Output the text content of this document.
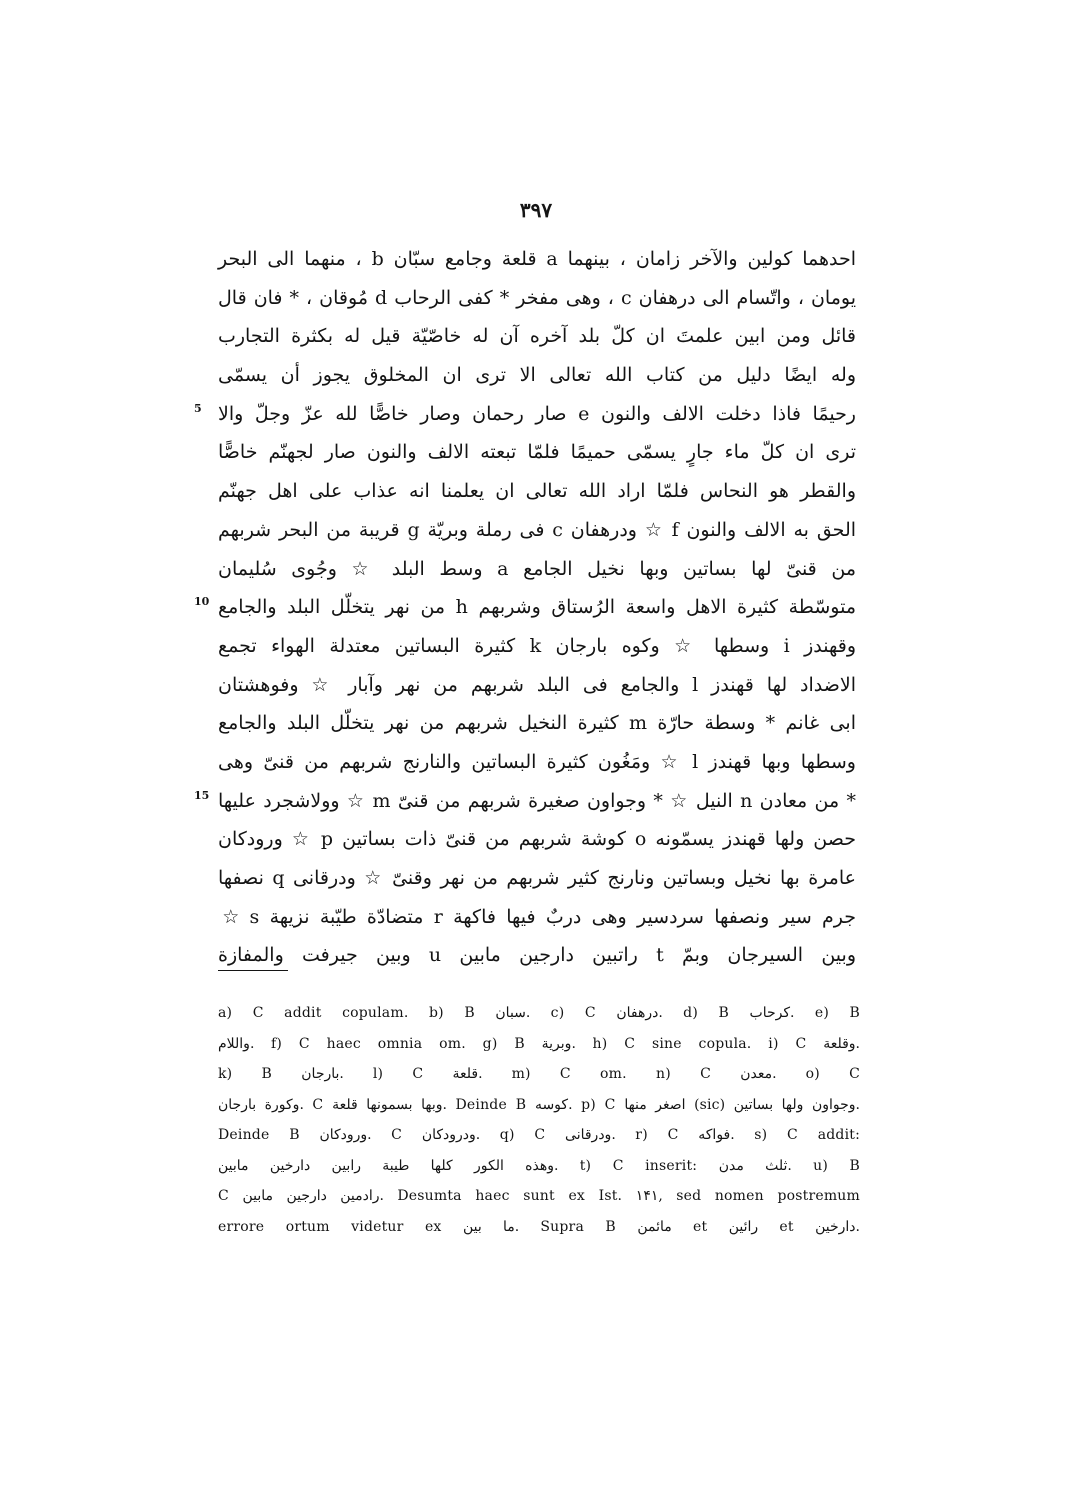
٣٩٧
احدهما كولين والآخر زامان ، بينهما a قلعة وجامع سبّان b ، منهما الى البحر
يومان ، واتّسام الى درهفان c ، وهى مفخر * كفى الرحاب d مُوقان ، * فان قال
قائل ومن ابين علمتَ ان كلّ بلد آخره آن له خاصّيّة قيل له بكثرة التجارب
وله ايضًا دليل من كتاب الله تعالى الا ترى ان المخلوق يجوز أن يسمّى
رحيمًا فاذا دخلت الالف والنون e صار رحمان وصار خاصًّا لله عزّ وجلّ والا
5
ترى ان كلّ ماء جارٍ يسمّى حميمًا فلمّا تبعته الالف والنون صار لجهنّم خاصًّا
والقطر هو النحاس فلمّا اراد الله تعالى ان يعلمنا انه عذاب على اهل جهنّم
الحق به الالف والنون f ☆ ودرهفان c فى رملة وبريّة g قريبة من البحر شربهم
من قنىّ لها بساتين وبها نخيل الجامع a وسط البلد ☆ وجُوى سُليمان
متوسّطة كثيرة الاهل واسعة الرُستاق وشربهم h من نهر يتخلّل البلد والجامع
10
وقهندز i وسطها ☆ وكوه بارجان k كثيرة البساتين معتدلة الهواء تجمع
الاضداد لها قهندز l والجامع فى البلد شربهم من نهر وآبار ☆ وفوهشتان
ابى غانم * وسطة حارّة m كثيرة النخيل شربهم من نهر يتخلّل البلد والجامع
وسطها وبها قهندز l ☆ ومَغُون كثيرة البساتين والنارنج شربهم من قنىّ وهى
* من معادن n النيل ☆ * وجواون صغيرة شربهم من قنىّ m ☆ وولاشجرد عليها
15
حصن ولها قهندز يسمّونه o كوشة شربهم من قنىّ ذات بساتين p ☆ ورودكان
عامرة بها نخيل وبساتين ونارنج كثير شربهم من نهر وقنىّ ☆ ودرقانى q نصفها
جرم سير ونصفها سردسير وهى دربٌ فيها فاكهة r متضادّة طيّبة نزيهة s ☆
وبين السيرجان وبمّ t راتبين دارجين مابين u وبين جيرفت والمفازة
a) C addit copulam. b) B سبان. c) C درهفان. d) B كرحاب. e) B
واللام. f) C haec omnia om. g) B وبرية. h) C sine copula. i) C وقلعة.
k) B بارجان. l) C قلعة. m) C om. n) C معدن. o) C
وكورة بارجان. C وبها بسمونها قلعة. Deinde B كوسه. p) C اصغر منها (sic) وجواون ولها بساتين.
Deinde B ورودكان. C ودرودكان. q) C ودرقانى. r) C فواكه. s) C addit:
وهذه الكور كلها طيبة رابين دارخين مابين. t) C inserit: ثلث مدن. u) B
C رادمين دارجين مابين. Desumta haec sunt ex Ist. ۱۴۱, sed nomen postremum
errore ortum videtur ex ما بين. Supra B مائمن et رائين et دارخين.
